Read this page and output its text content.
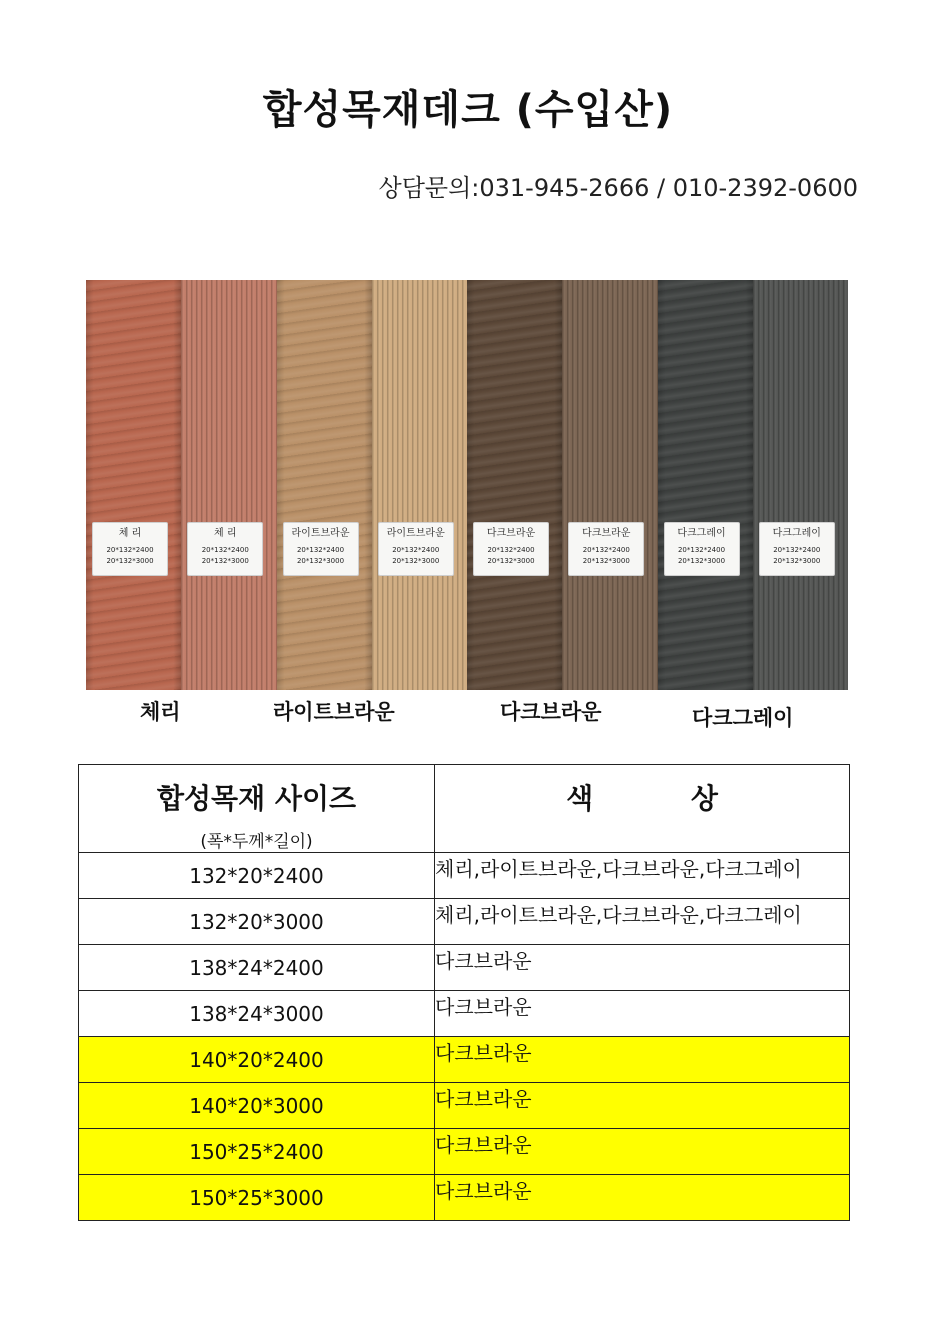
합성목재데크 (수입산)
상담문의:031-945-2666 / 010-2392-0600
체 리
20*132*2400
20*132*3000
체 리
20*132*2400
20*132*3000
라이트브라운
20*132*2400
20*132*3000
라이트브라운
20*132*2400
20*132*3000
다크브라운
20*132*2400
20*132*3000
다크브라운
20*132*2400
20*132*3000
다크그레이
20*132*2400
20*132*3000
다크그레이
20*132*2400
20*132*3000
체리	라이트브라운	다크브라운	다크그레이
합성목재 사이즈
(폭*두께*길이)	색 상
132*20*2400	체리,라이트브라운,다크브라운,다크그레이
132*20*3000	체리,라이트브라운,다크브라운,다크그레이
138*24*2400	다크브라운
138*24*3000	다크브라운
140*20*2400	다크브라운
140*20*3000	다크브라운
150*25*2400	다크브라운
150*25*3000	다크브라운
